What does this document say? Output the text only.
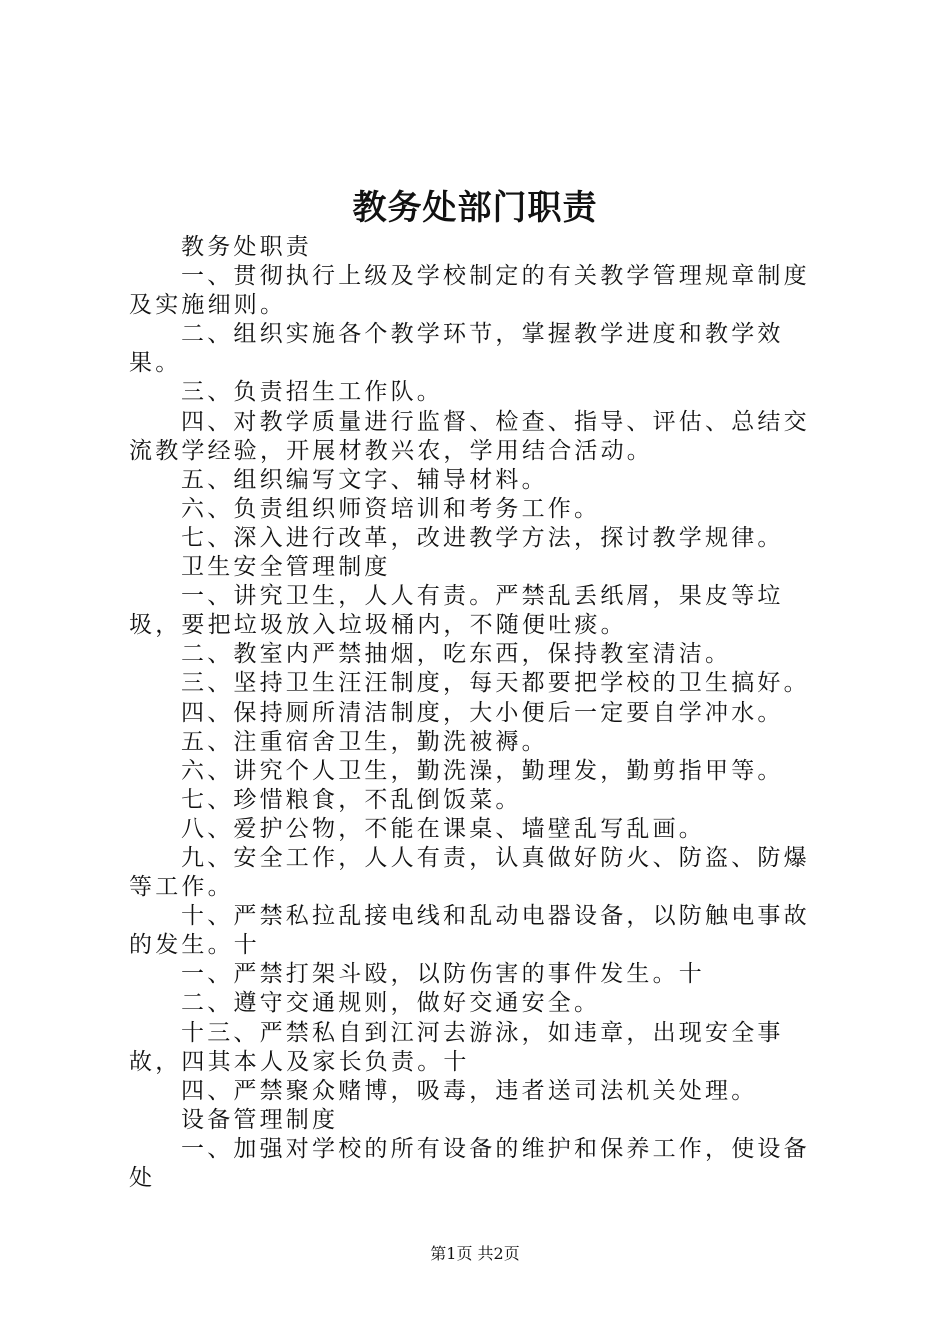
教务处部门职责

教务处职责

一、贯彻执行上级及学校制定的有关教学管理规章制度及实施细则。

二、组织实施各个教学环节，掌握教学进度和教学效果。

三、负责招生工作队。

四、对教学质量进行监督、检查、指导、评估、总结交流教学经验，开展材教兴农，学用结合活动。

五、组织编写文字、辅导材料。

六、负责组织师资培训和考务工作。

七、深入进行改革，改进教学方法，探讨教学规律。

卫生安全管理制度

一、讲究卫生，人人有责。严禁乱丢纸屑，果皮等垃圾，要把垃圾放入垃圾桶内，不随便吐痰。

二、教室内严禁抽烟，吃东西，保持教室清洁。

三、坚持卫生汪汪制度，每天都要把学校的卫生搞好。

四、保持厕所清洁制度，大小便后一定要自学冲水。

五、注重宿舍卫生，勤洗被褥。

六、讲究个人卫生，勤洗澡，勤理发，勤剪指甲等。

七、珍惜粮食，不乱倒饭菜。

八、爱护公物，不能在课桌、墙壁乱写乱画。

九、安全工作，人人有责，认真做好防火、防盗、防爆等工作。

十、严禁私拉乱接电线和乱动电器设备，以防触电事故的发生。十

一、严禁打架斗殴，以防伤害的事件发生。十

二、遵守交通规则，做好交通安全。

十三、严禁私自到江河去游泳，如违章，出现安全事故，四其本人及家长负责。十

四、严禁聚众赌博，吸毒，违者送司法机关处理。

设备管理制度

一、加强对学校的所有设备的维护和保养工作，使设备处

第1页 共2页
